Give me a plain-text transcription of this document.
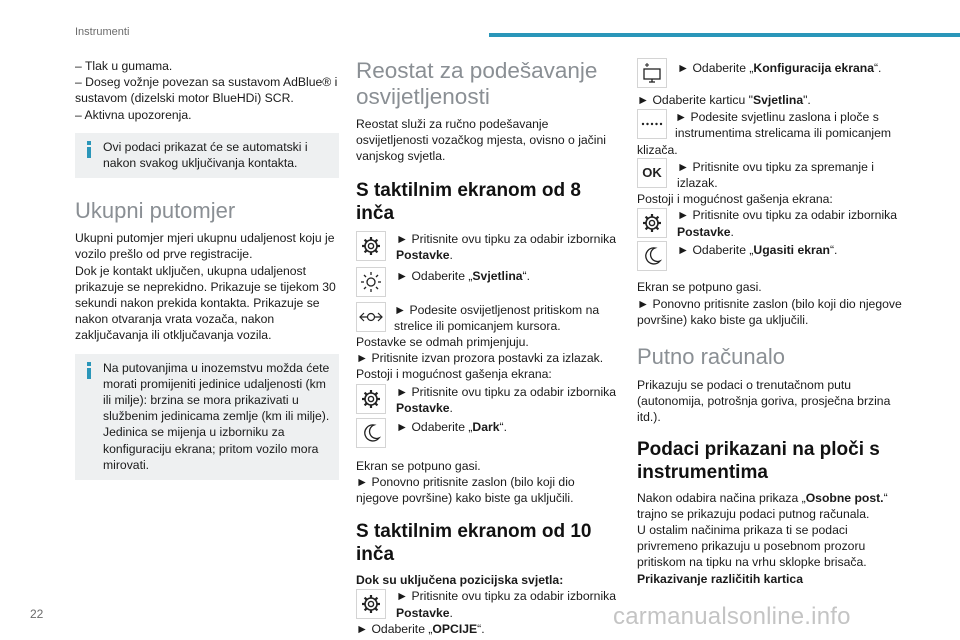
Instrumenti

– Tlak u gumama.

– Doseg vožnje povezan sa sustavom AdBlue® i sustavom (dizelski motor BlueHDi) SCR.

– Aktivna upozorenja.

Ovi podaci prikazat će se automatski i nakon svakog uključivanja kontakta.

Ukupni putomjer

Ukupni putomjer mjeri ukupnu udaljenost koju je vozilo prešlo od prve registracije.
Dok je kontakt uključen, ukupna udaljenost prikazuje se neprekidno. Prikazuje se tijekom 30 sekundi nakon prekida kontakta. Prikazuje se nakon otvaranja vrata vozača, nakon zaključavanja ili otključavanja vozila.

Na putovanjima u inozemstvu možda ćete morati promijeniti jedinice udaljenosti (km ili milje): brzina se mora prikazivati u službenim jedinicama zemlje (km ili milje).
Jedinica se mijenja u izborniku za konfiguraciju ekrana; pritom vozilo mora mirovati.

Reostat za podešavanje osvijetljenosti

Reostat služi za ručno podešavanje osvijetljenosti vozačkog mjesta, ovisno o jačini vanjskog svjetla.

S taktilnim ekranom od 8 inča

► Pritisnite ovu tipku za odabir izbornika Postavke.

► Odaberite „Svjetlina“.

► Podesite osvijetljenost pritiskom na strelice ili pomicanjem kursora.

Postavke se odmah primjenjuju.

► Pritisnite izvan prozora postavki za izlazak.

Postoji i mogućnost gašenja ekrana:

► Pritisnite ovu tipku za odabir izbornika Postavke.

► Odaberite „Dark“.

Ekran se potpuno gasi.

► Ponovno pritisnite zaslon (bilo koji dio njegove površine) kako biste ga uključili.

S taktilnim ekranom od 10 inča

Dok su uključena pozicijska svjetla:

► Pritisnite ovu tipku za odabir izbornika Postavke.

► Odaberite „OPCIJE“.

► Odaberite „Konfiguracija ekrana“.

► Odaberite karticu "Svjetlina".

► Podesite svjetlinu zaslona i ploče s instrumentima strelicama ili pomicanjem klizača.

OK ► Pritisnite ovu tipku za spremanje i izlazak.

Postoji i mogućnost gašenja ekrana:

► Pritisnite ovu tipku za odabir izbornika Postavke.

► Odaberite „Ugasiti ekran“.

Ekran se potpuno gasi.

► Ponovno pritisnite zaslon (bilo koji dio njegove površine) kako biste ga uključili.

Putno računalo

Prikazuju se podaci o trenutačnom putu (autonomija, potrošnja goriva, prosječna brzina itd.).

Podaci prikazani na ploči s instrumentima

Nakon odabira načina prikaza „Osobne post.“ trajno se prikazuju podaci putnog računala.

U ostalim načinima prikaza ti se podaci privremeno prikazuju u posebnom prozoru pritiskom na tipku na vrhu sklopke brisača.

Prikazivanje različitih kartica

22	carmanualsonline.info
